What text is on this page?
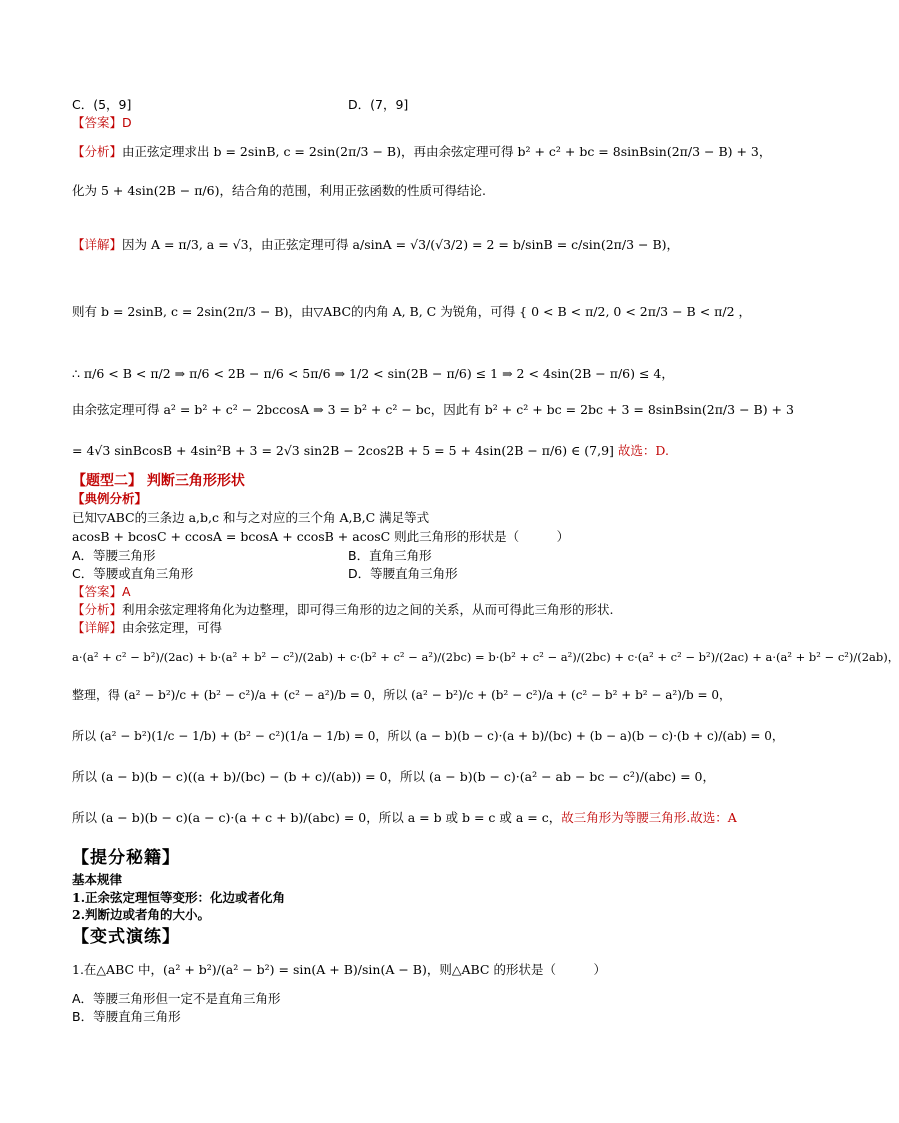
C．(5，9]	D．(7，9]
【答案】D
【分析】由正弦定理求出 b = 2sinB, c = 2sin(2π/3 − B)，再由余弦定理可得 b² + c² + bc = 8sinBsin(2π/3 − B) + 3，
化为 5 + 4sin(2B − π/6)，结合角的范围，利用正弦函数的性质可得结论.
【详解】因为 A = π/3, a = √3，由正弦定理可得 a/sinA = √3/(√3/2) = 2 = b/sinB = c/sin(2π/3 − B)，
则有 b = 2sinB, c = 2sin(2π/3 − B)，由▽ABC的内角 A, B, C 为锐角，可得 { 0 < B < π/2, 0 < 2π/3 − B < π/2 ，
∴ π/6 < B < π/2 ⇒ π/6 < 2B − π/6 < 5π/6 ⇒ 1/2 < sin(2B − π/6) ≤ 1 ⇒ 2 < 4sin(2B − π/6) ≤ 4，
由余弦定理可得 a² = b² + c² − 2bccosA ⇒ 3 = b² + c² − bc，因此有 b² + c² + bc = 2bc + 3 = 8sinBsin(2π/3 − B) + 3
= 4√3 sinBcosB + 4sin²B + 3 = 2√3 sin2B − 2cos2B + 5 = 5 + 4sin(2B − π/6) ∈ (7,9] 故选：D.
【题型二】 判断三角形形状
【典例分析】
已知▽ABC的三条边 a,b,c 和与之对应的三个角 A,B,C 满足等式
acosB + bcosC + ccosA = bcosA + ccosB + acosC 则此三角形的形状是（　　　）
A．等腰三角形	B．直角三角形
C．等腰或直角三角形	D．等腰直角三角形
【答案】A
【分析】利用余弦定理将角化为边整理，即可得三角形的边之间的关系，从而可得此三角形的形状.
【详解】由余弦定理，可得
a·(a² + c² − b²)/(2ac) + b·(a² + b² − c²)/(2ab) + c·(b² + c² − a²)/(2bc) = b·(b² + c² − a²)/(2bc) + c·(a² + c² − b²)/(2ac) + a·(a² + b² − c²)/(2ab)，
整理，得 (a² − b²)/c + (b² − c²)/a + (c² − a²)/b = 0，所以 (a² − b²)/c + (b² − c²)/a + (c² − b² + b² − a²)/b = 0，
所以 (a² − b²)(1/c − 1/b) + (b² − c²)(1/a − 1/b) = 0，所以 (a − b)(b − c)·(a + b)/(bc) + (b − a)(b − c)·(b + c)/(ab) = 0，
所以 (a − b)(b − c)((a + b)/(bc) − (b + c)/(ab)) = 0，所以 (a − b)(b − c)·(a² − ab − bc − c²)/(abc) = 0，
所以 (a − b)(b − c)(a − c)·(a + c + b)/(abc) = 0，所以 a = b 或 b = c 或 a = c，故三角形为等腰三角形.故选：A
【提分秘籍】
基本规律
1.正余弦定理恒等变形：化边或者化角
2.判断边或者角的大小。
【变式演练】
1.在△ABC 中，(a² + b²)/(a² − b²) = sin(A + B)/sin(A − B)，则△ABC 的形状是（　　　）
A．等腰三角形但一定不是直角三角形
B．等腰直角三角形
